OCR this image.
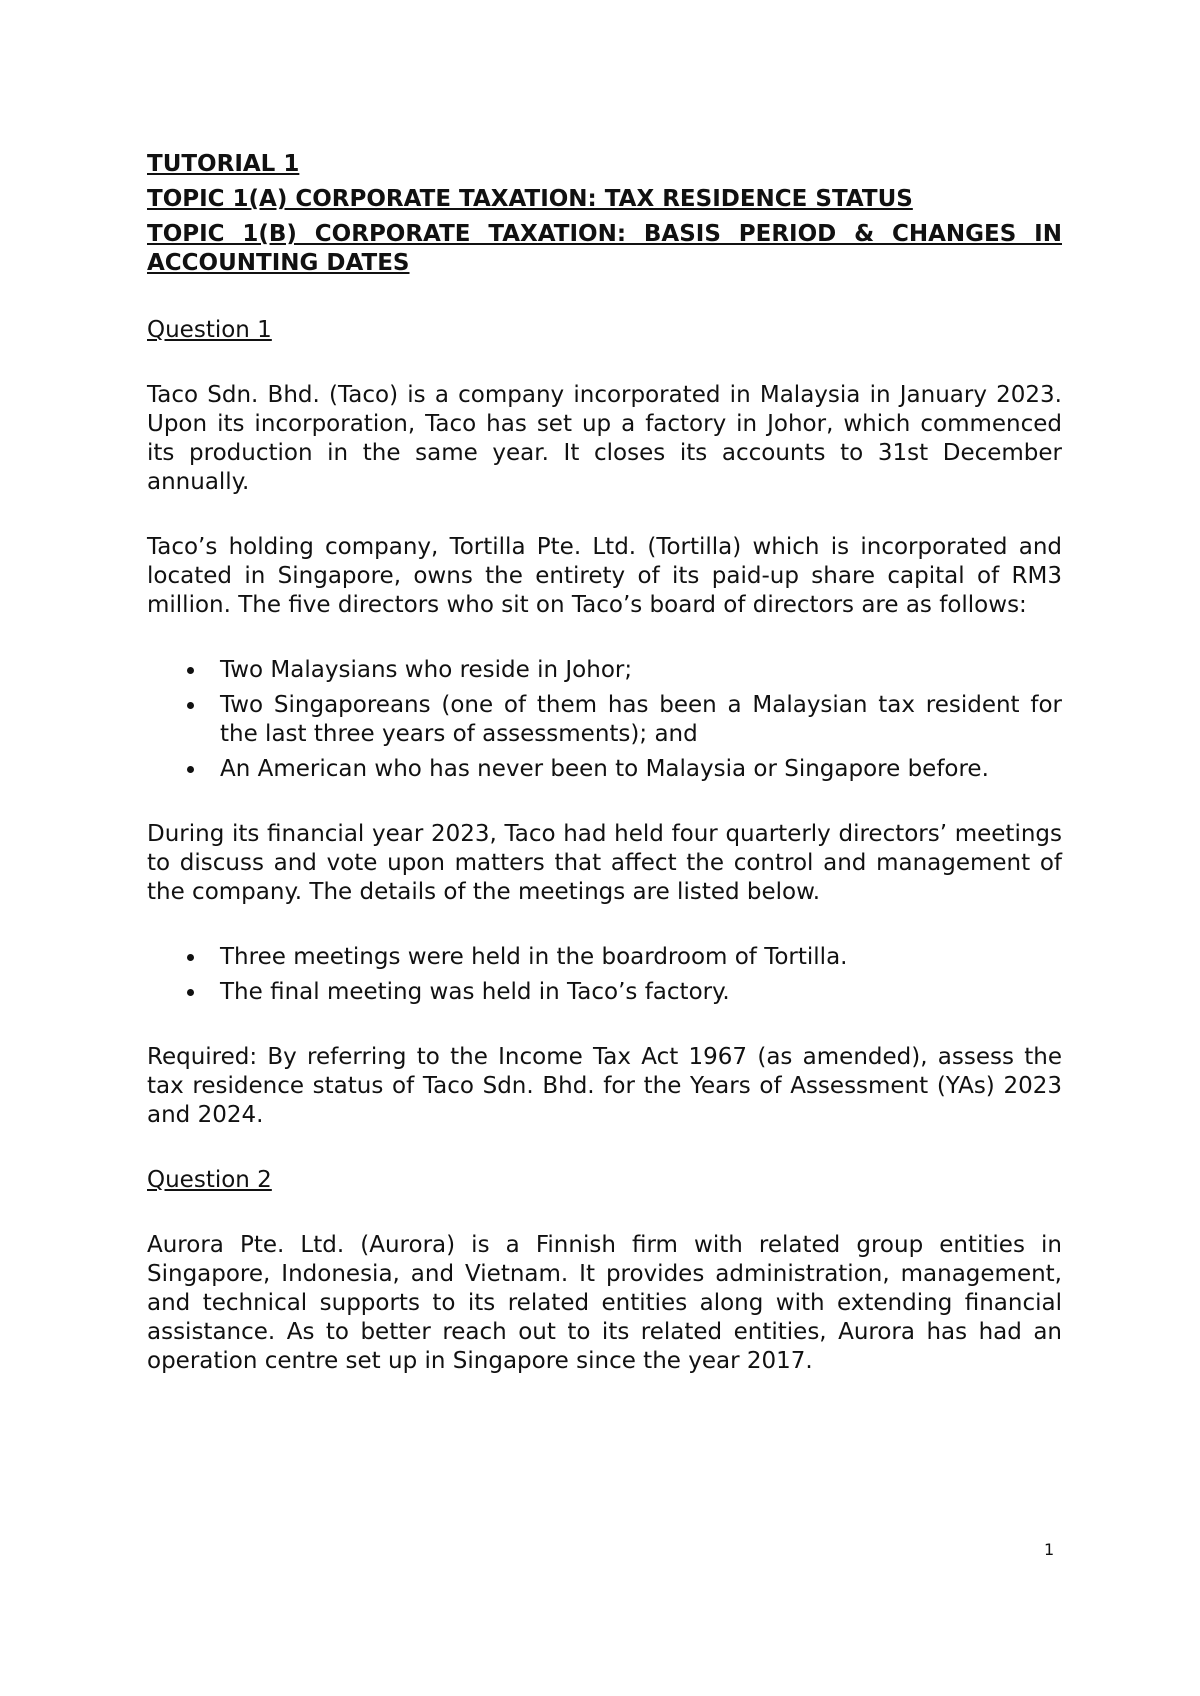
TUTORIAL 1
TOPIC 1(A) CORPORATE TAXATION: TAX RESIDENCE STATUS
TOPIC 1(B) CORPORATE TAXATION: BASIS PERIOD & CHANGES IN ACCOUNTING DATES
Question 1

Taco Sdn. Bhd. (Taco) is a company incorporated in Malaysia in January 2023. Upon its incorporation, Taco has set up a factory in Johor, which commenced its production in the same year. It closes its accounts to 31st December annually.

Taco’s holding company, Tortilla Pte. Ltd. (Tortilla) which is incorporated and located in Singapore, owns the entirety of its paid-up share capital of RM3 million. The five directors who sit on Taco’s board of directors are as follows:

Two Malaysians who reside in Johor;
Two Singaporeans (one of them has been a Malaysian tax resident for the last three years of assessments); and
An American who has never been to Malaysia or Singapore before.

During its financial year 2023, Taco had held four quarterly directors’ meetings to discuss and vote upon matters that affect the control and management of the company. The details of the meetings are listed below.

Three meetings were held in the boardroom of Tortilla.
The final meeting was held in Taco’s factory.

Required: By referring to the Income Tax Act 1967 (as amended), assess the tax residence status of Taco Sdn. Bhd. for the Years of Assessment (YAs) 2023 and 2024.

Question 2

Aurora Pte. Ltd. (Aurora) is a Finnish firm with related group entities in Singapore, Indonesia, and Vietnam. It provides administration, management, and technical supports to its related entities along with extending financial assistance. As to better reach out to its related entities, Aurora has had an operation centre set up in Singapore since the year 2017.

1
